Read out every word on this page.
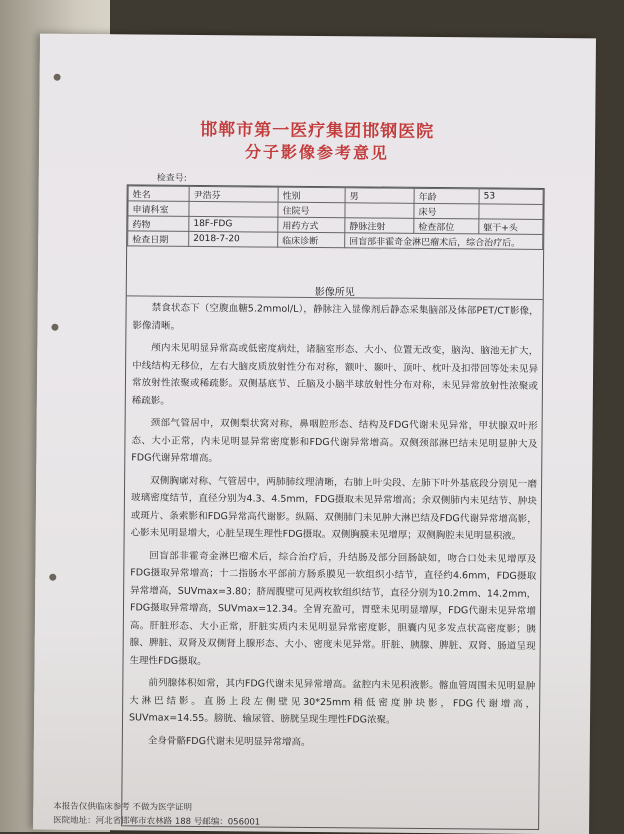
邯郸市第一医疗集团邯钢医院
分子影像参考意见
检查号:
姓名	尹浩芬	性别	男	年龄	53
申请科室		住院号		床号	
药物	18F-FDG	用药方式	静脉注射	检查部位	躯干+头
检查日期	2018-7-20	临床诊断	回盲部非霍奇金淋巴瘤术后，综合治疗后。		
影像所见

禁食状态下（空腹血糖5.2mmol/L），静脉注入显像剂后静态采集脑部及体部PET/CT影像，影像清晰。

颅内未见明显异常高或低密度病灶，诸脑室形态、大小、位置无改变，脑沟、脑池无扩大，中线结构无移位，左右大脑皮质放射性分布对称，额叶、颞叶、顶叶、枕叶及扣带回等处未见异常放射性浓聚或稀疏影。双侧基底节、丘脑及小脑半球放射性分布对称，未见异常放射性浓聚或稀疏影。

颈部气管居中，双侧梨状窝对称，鼻咽腔形态、结构及FDG代谢未见异常，甲状腺双叶形态、大小正常，内未见明显异常密度影和FDG代谢异常增高。双侧颈部淋巴结未见明显肿大及FDG代谢异常增高。

双侧胸廓对称、气管居中，两肺肺纹理清晰，右肺上叶尖段、左肺下叶外基底段分别见一磨玻璃密度结节，直径分别为4.3、4.5mm，FDG摄取未见异常增高；余双侧肺内未见结节、肿块或斑片、条索影和FDG异常高代谢影。纵隔、双侧肺门未见肿大淋巴结及FDG代谢异常增高影，心影未见明显增大，心脏呈现生理性FDG摄取。双侧胸膜未见增厚；双侧胸腔未见明显积液。

回盲部非霍奇金淋巴瘤术后，综合治疗后，升结肠及部分回肠缺如，吻合口处未见增厚及FDG摄取异常增高；十二指肠水平部前方肠系膜见一软组织小结节，直径约4.6mm，FDG摄取异常增高，SUVmax=3.80；脐周腹壁可见两枚软组织结节，直径分别为10.2mm、14.2mm，FDG摄取异常增高，SUVmax=12.34。全胃充盈可，胃壁未见明显增厚，FDG代谢未见异常增高。肝脏形态、大小正常，肝脏实质内未见明显异常密度影，胆囊内见多发点状高密度影；胰腺、脾脏、双肾及双侧肾上腺形态、大小、密度未见异常。肝脏、胰腺、脾脏、双肾、肠道呈现生理性FDG摄取。

前列腺体积如常，其内FDG代谢未见异常增高。盆腔内未见积液影。髂血管周围未见明显肿大淋巴结影。直肠上段左侧壁见30*25mm稍低密度肿块影，FDG代谢增高，SUVmax=14.55。膀胱、输尿管、膀胱呈现生理性FDG浓聚。

全身骨骼FDG代谢未见明显异常增高。

本报告仅供临床参考 不做为医学证明
医院地址：河北省邯郸市农林路 188 号邮编：056001
